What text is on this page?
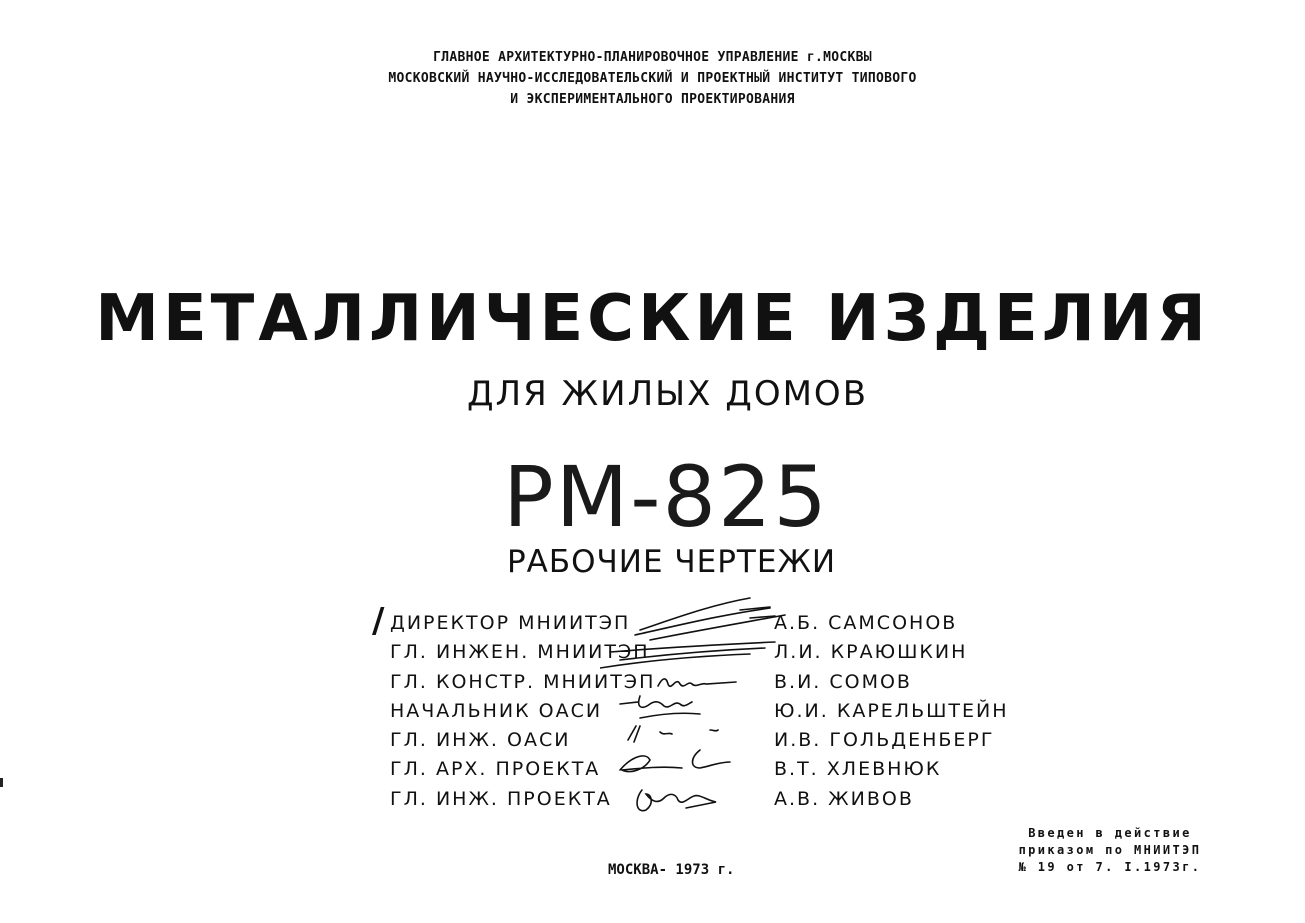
ГЛАВНОЕ АРХИТЕКТУРНО-ПЛАНИРОВОЧНОЕ УПРАВЛЕНИЕ г.МОСКВЫ
МОСКОВСКИЙ НАУЧНО-ИССЛЕДОВАТЕЛЬСКИЙ И ПРОЕКТНЫЙ ИНСТИТУТ ТИПОВОГО
И ЭКСПЕРИМЕНТАЛЬНОГО ПРОЕКТИРОВАНИЯ
МЕТАЛЛИЧЕСКИЕ ИЗДЕЛИЯ
ДЛЯ ЖИЛЫХ ДОМОВ
РМ-825
РАБОЧИЕ ЧЕРТЕЖИ
/ ДИРЕКТОР МНИИТЭП	А.Б. САМСОНОВ
ГЛ. ИНЖЕН. МНИИТЭП	Л.И. КРАЮШКИН
ГЛ. КОНСТР. МНИИТЭП	В.И. СОМОВ
НАЧАЛЬНИК ОАСИ	Ю.И. КАРЕЛЬШТЕЙН
ГЛ. ИНЖ. ОАСИ	И.В. ГОЛЬДЕНБЕРГ
ГЛ. АРХ. ПРОЕКТА	В.Т. ХЛЕВНЮК
ГЛ. ИНЖ. ПРОЕКТА	А.В. ЖИВОВ
МОСКВА- 1973 г.
Введен в действие
приказом по МНИИТЭП
№ 19 от 7. I.1973г.
